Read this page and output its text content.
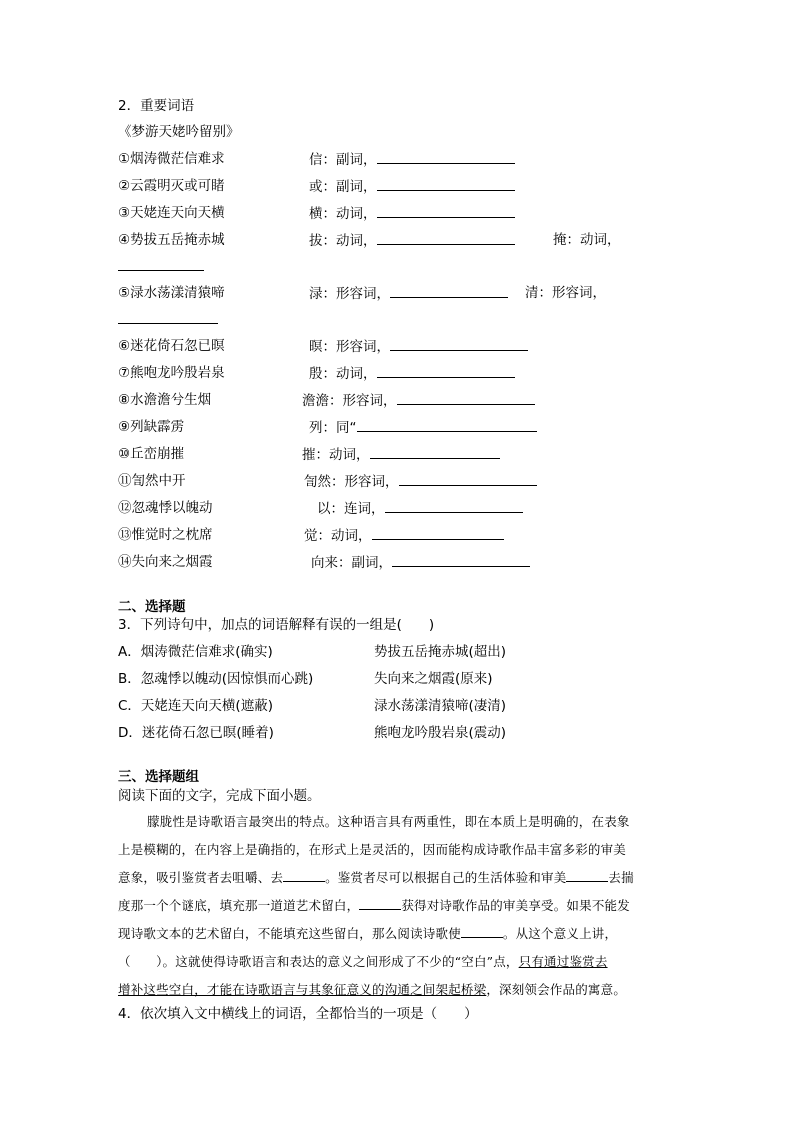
2．重要词语
《梦游天姥吟留别》
①烟涛微茫信难求	信：副词，
②云霞明灭或可睹	或：副词，
③天姥连天向天横	横：动词，
④势拔五岳掩赤城	拔：动词，	掩：动词，
⑤渌水荡漾清猿啼	渌：形容词，	清：形容词，
⑥迷花倚石忽已暝	暝：形容词，
⑦熊咆龙吟殷岩泉	殷：动词，
⑧水澹澹兮生烟	澹澹：形容词，
⑨列缺霹雳	列：同“
⑩丘峦崩摧	摧：动词，
⑪訇然中开	訇然：形容词，
⑫忽魂悸以魄动	以：连词，
⑬惟觉时之枕席	觉：动词，
⑭失向来之烟霞	向来：副词，
二、选择题
3．下列诗句中，加点的词语解释有误的一组是(　　)
A．烟涛微茫信难求(确实)	势拔五岳掩赤城(超出)
B．忽魂悸以魄动(因惊惧而心跳)	失向来之烟霞(原来)
C．天姥连天向天横(遮蔽)	渌水荡漾清猿啼(凄清)
D．迷花倚石忽已暝(睡着)	熊咆龙吟殷岩泉(震动)
三、选择题组
阅读下面的文字，完成下面小题。
朦胧性是诗歌语言最突出的特点。这种语言具有两重性，即在本质上是明确的，在表象
上是模糊的，在内容上是确指的，在形式上是灵活的，因而能构成诗歌作品丰富多彩的审美
意象，吸引鉴赏者去咀嚼、去	。鉴赏者尽可以根据自己的生活体验和审美	去揣
度那一个个谜底，填充那一道道艺术留白，	获得对诗歌作品的审美享受。如果不能发
现诗歌文本的艺术留白，不能填充这些留白，那么阅读诗歌使	。从这个意义上讲，
（　　）。这就使得诗歌语言和表达的意义之间形成了不少的“空白”点，只有通过鉴赏去
增补这些空白，才能在诗歌语言与其象征意义的沟通之间架起桥梁，深刻领会作品的寓意。
4．依次填入文中横线上的词语，全都恰当的一项是（　　）
